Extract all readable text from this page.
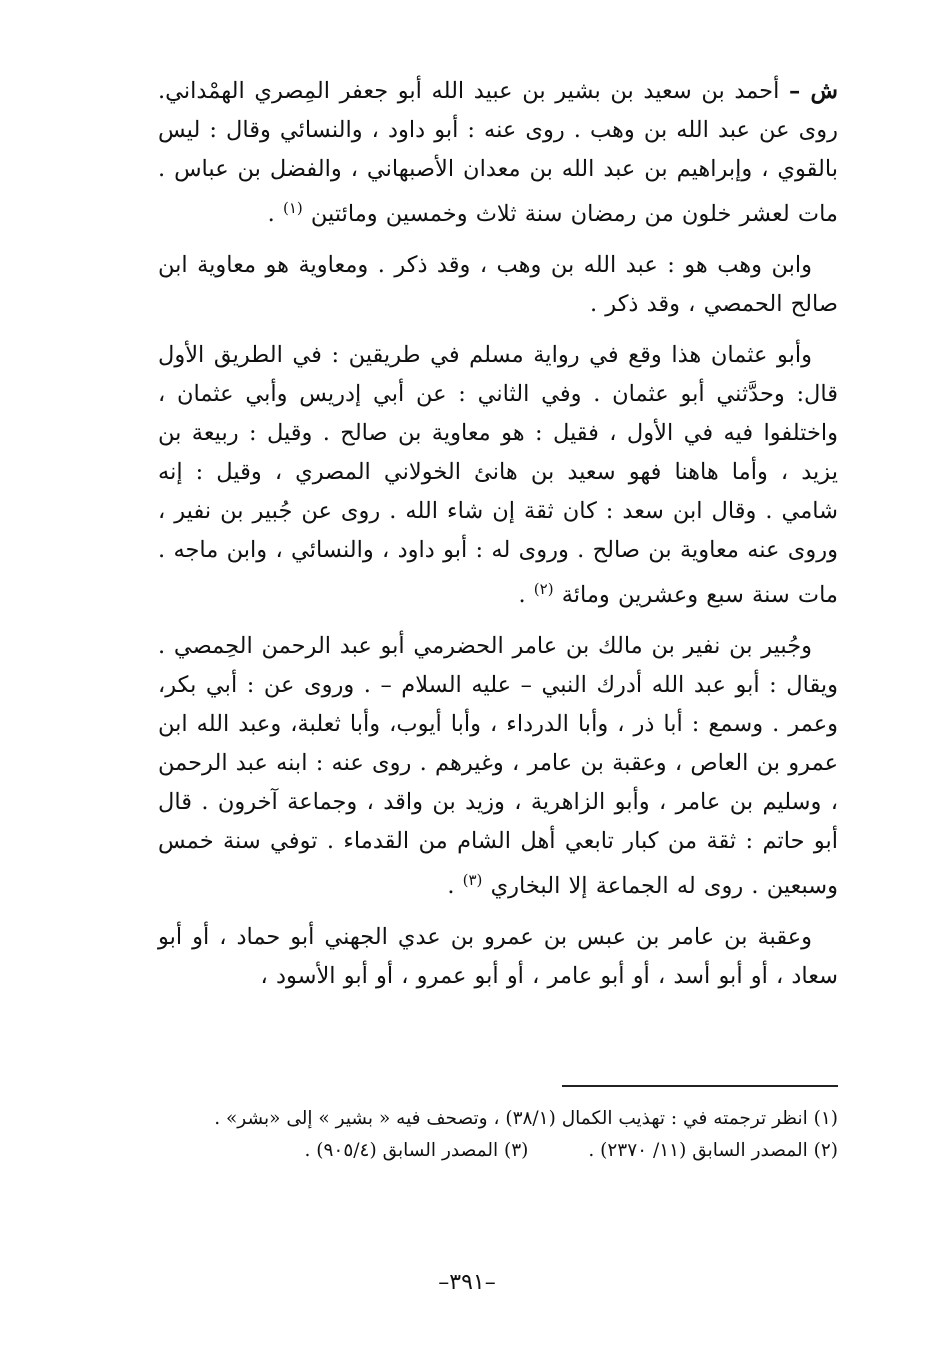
ش – أحمد بن سعيد بن بشير بن عبيد الله أبو جعفر المِصري الهمْداني. روى عن عبد الله بن وهب . روى عنه : أبو داود ، والنسائي وقال : ليس بالقوي ، وإبراهيم بن عبد الله بن معدان الأصبهاني ، والفضل بن عباس . مات لعشر خلون من رمضان سنة ثلاث وخمسين ومائتين $^{(١)}$ .

وابن وهب هو : عبد الله بن وهب ، وقد ذكر . ومعاوية هو معاوية ابن صالح الحمصي ، وقد ذكر .

وأبو عثمان هذا وقع في رواية مسلم في طريقين : في الطريق الأول قال: وحدَّثني أبو عثمان . وفي الثاني : عن أبي إدريس وأبي عثمان ، واختلفوا فيه في الأول ، فقيل : هو معاوية بن صالح . وقيل : ربيعة بن يزيد ، وأما هاهنا فهو سعيد بن هانئ الخولاني المصري ، وقيل : إنه شامي . وقال ابن سعد : كان ثقة إن شاء الله . روى عن جُبير بن نفير ، وروى عنه معاوية بن صالح . وروى له : أبو داود ، والنسائي ، وابن ماجه . مات سنة سبع وعشرين ومائة $^{(٢)}$ .

وجُبير بن نفير بن مالك بن عامر الحضرمي أبو عبد الرحمن الحِمصي . ويقال : أبو عبد الله أدرك النبي – عليه السلام – . وروى عن : أبي بكر، وعمر . وسمع : أبا ذر ، وأبا الدرداء ، وأبا أيوب، وأبا ثعلبة، وعبد الله ابن عمرو بن العاص ، وعقبة بن عامر ، وغيرهم . روى عنه : ابنه عبد الرحمن ، وسليم بن عامر ، وأبو الزاهرية ، وزيد بن واقد ، وجماعة آخرون . قال أبو حاتم : ثقة من كبار تابعي أهل الشام من القدماء . توفي سنة خمس وسبعين . روى له الجماعة إلا البخاري $^{(٣)}$ .

وعقبة بن عامر بن عبس بن عمرو بن عدي الجهني أبو حماد ، أو أبو سعاد ، أو أبو أسد ، أو أبو عامر ، أو أبو عمرو ، أو أبو الأسود ،

(١) انظر ترجمته في : تهذيب الكمال (٣٨/١) ، وتصحف فيه « بشير » إلى «بشر» .
(٢) المصدر السابق (١١/ ٢٣٧٠) .
(٣) المصدر السابق (٩٠٥/٤) .
–٣٩١–
